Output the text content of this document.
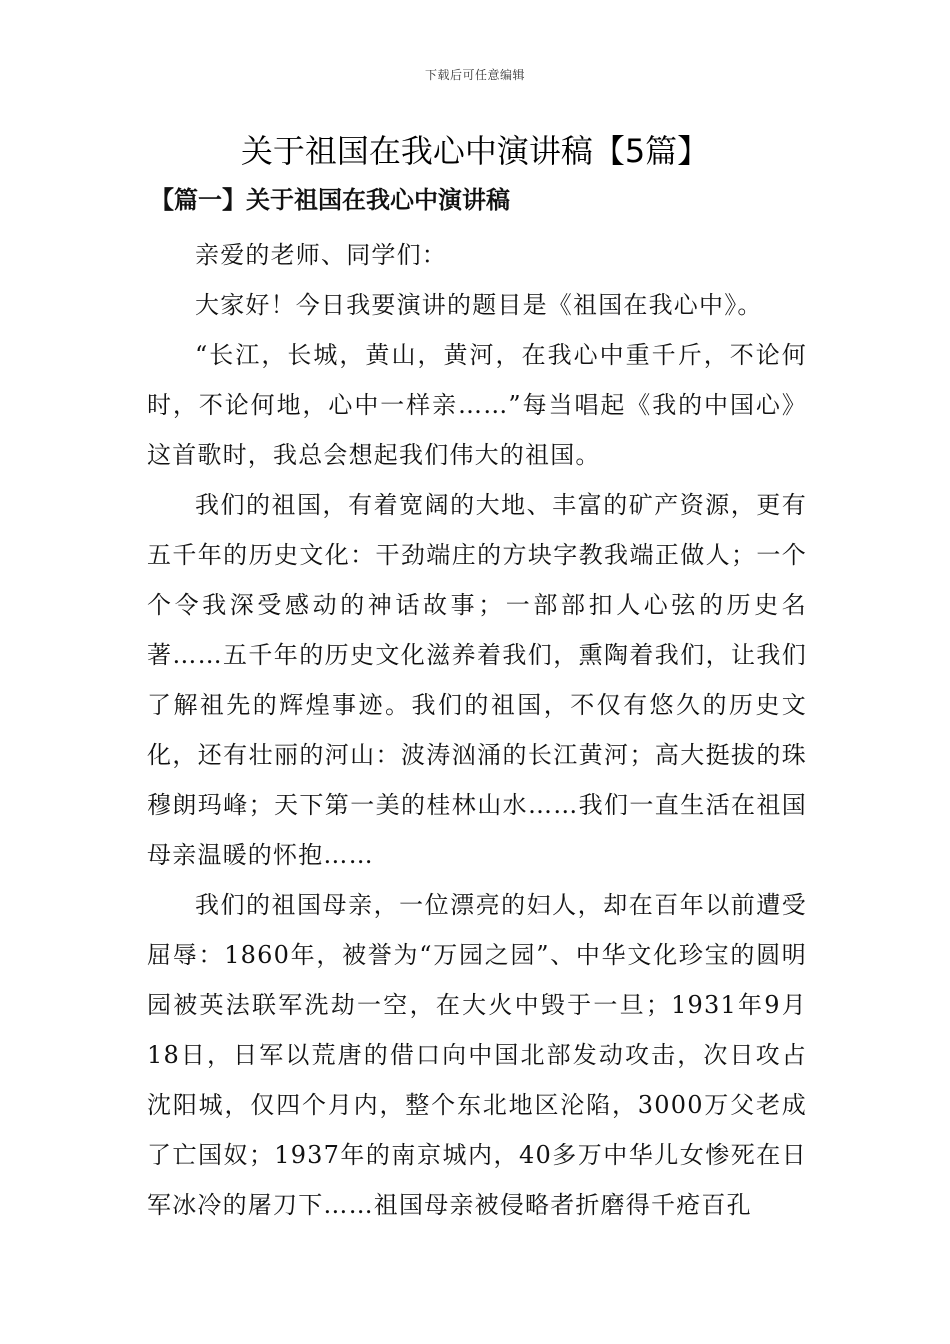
下载后可任意编辑
关于祖国在我心中演讲稿【5篇】
【篇一】关于祖国在我心中演讲稿

亲爱的老师、同学们：

大家好！今日我要演讲的题目是《祖国在我心中》。

“长江，长城，黄山，黄河，在我心中重千斤，不论何时，不论何地，心中一样亲……”每当唱起《我的中国心》这首歌时，我总会想起我们伟大的祖国。

我们的祖国，有着宽阔的大地、丰富的矿产资源，更有五千年的历史文化：干劲端庄的方块字教我端正做人；一个个令我深受感动的神话故事；一部部扣人心弦的历史名著……五千年的历史文化滋养着我们，熏陶着我们，让我们了解祖先的辉煌事迹。我们的祖国，不仅有悠久的历史文化，还有壮丽的河山：波涛汹涌的长江黄河；高大挺拔的珠穆朗玛峰；天下第一美的桂林山水……我们一直生活在祖国母亲温暖的怀抱……

我们的祖国母亲，一位漂亮的妇人，却在百年以前遭受屈辱：1860年，被誉为“万园之园”、中华文化珍宝的圆明园被英法联军洗劫一空，在大火中毁于一旦；1931年9月18日，日军以荒唐的借口向中国北部发动攻击，次日攻占沈阳城，仅四个月内，整个东北地区沦陷，3000万父老成了亡国奴；1937年的南京城内，40多万中华儿女惨死在日军冰冷的屠刀下……祖国母亲被侵略者折磨得千疮百孔
